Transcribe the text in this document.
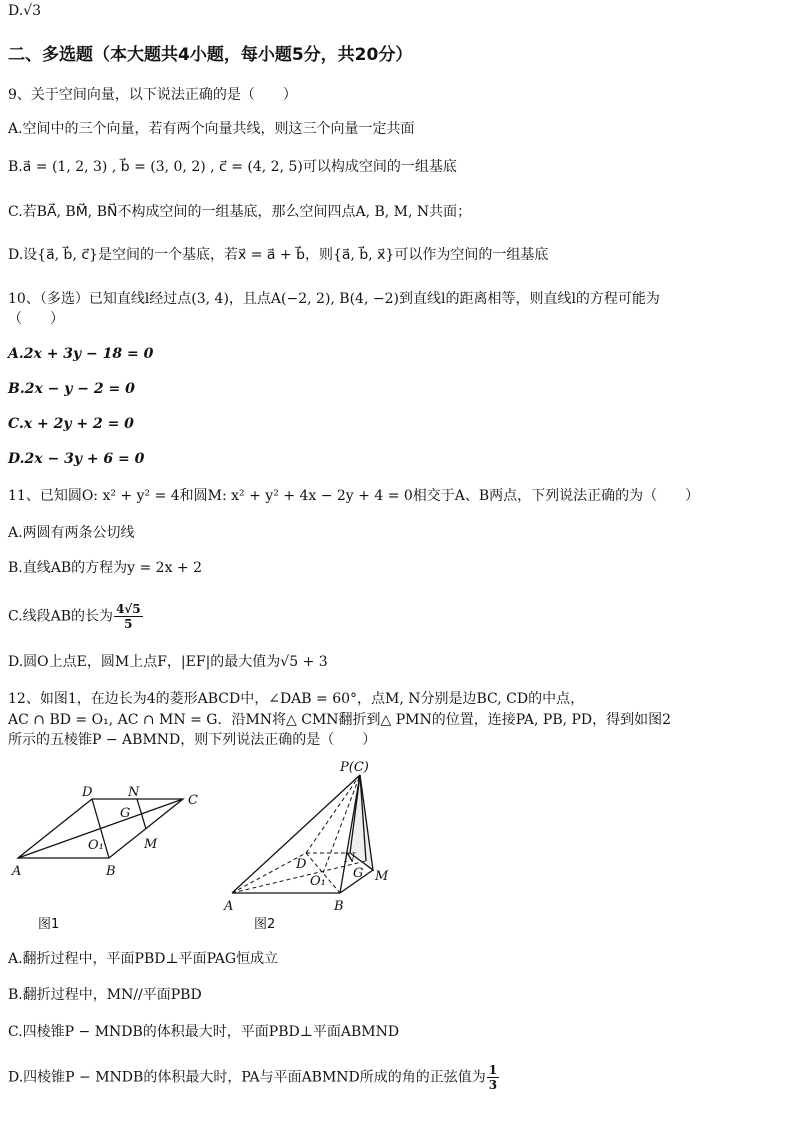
D.√3
二、多选题（本大题共4小题，每小题5分，共20分）
9、关于空间向量，以下说法正确的是（　　）
A.空间中的三个向量，若有两个向量共线，则这三个向量一定共面
B.a⃗ = (1, 2, 3) , b⃗ = (3, 0, 2) , c⃗ = (4, 2, 5)可以构成空间的一组基底
C.若BA⃗, BM⃗, BN⃗不构成空间的一组基底，那么空间四点A, B, M, N共面；
D.设{a⃗, b⃗, c⃗}是空间的一个基底，若x⃗ = a⃗ + b⃗，则{a⃗, b⃗, x⃗}可以作为空间的一组基底
10、（多选）已知直线l经过点(3, 4)，且点A(−2, 2), B(4, −2)到直线l的距离相等，则直线l的方程可能为
（　　）
A.2x + 3y − 18 = 0
B.2x − y − 2 = 0
C.x + 2y + 2 = 0
D.2x − 3y + 6 = 0
11、已知圆O: x² + y² = 4和圆M: x² + y² + 4x − 2y + 4 = 0相交于A、B两点，下列说法正确的为（　　）
A.两圆有两条公切线
B.直线AB的方程为y = 2x + 2
C.线段AB的长为 $\frac{4√5}{5}$
D.圆O上点E，圆M上点F，|EF|的最大值为√5 + 3
12、如图1，在边长为4的菱形ABCD中，∠DAB = 60°，点M, N分别是边BC, CD的中点，
AC ∩ BD = O₁, AC ∩ MN = G．沿MN将△ CMN翻折到△ PMN的位置，连接PA, PB, PD，得到如图2
所示的五棱锥P − ABMND，则下列说法正确的是（　　）
D	N
C
G
O₁	M
A	B
图1
P(C)
D	N
G
O₁	M
A	B
图2
A.翻折过程中，平面PBD⊥平面PAG恒成立
B.翻折过程中，MN//平面PBD
C.四棱锥P − MNDB的体积最大时，平面PBD⊥平面ABMND
D.四棱锥P − MNDB的体积最大时，PA与平面ABMND所成的角的正弦值为 $\frac{1}{3}$
